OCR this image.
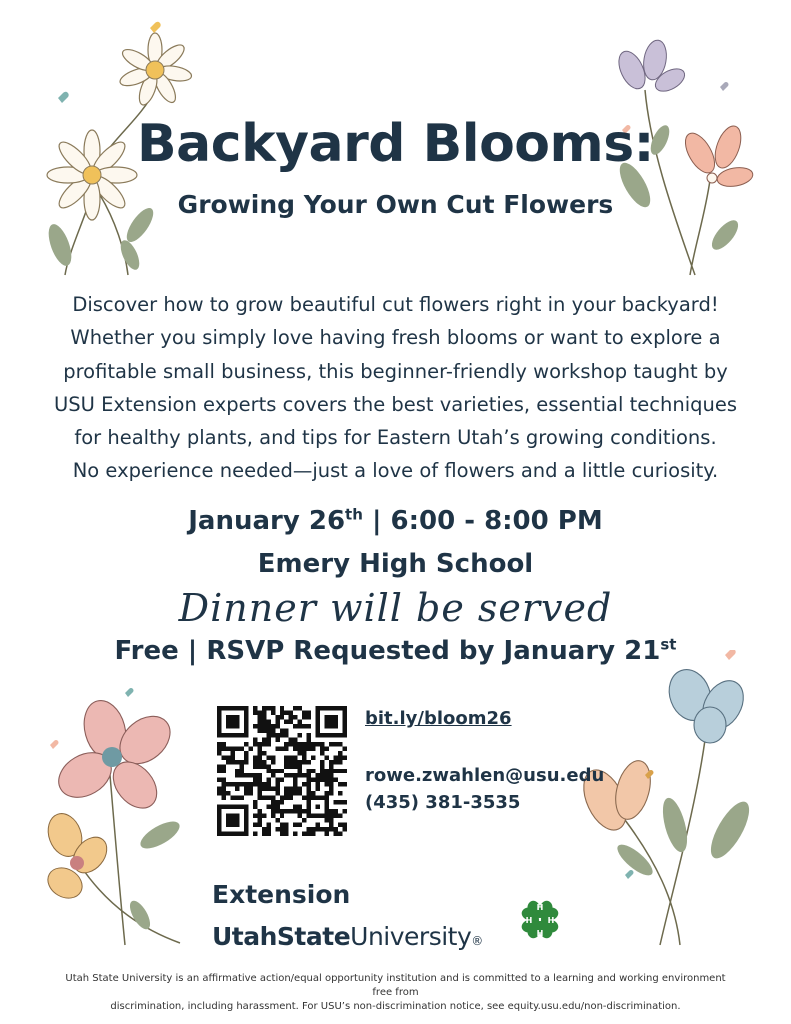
Backyard Blooms:
Growing Your Own Cut Flowers
Discover how to grow beautiful cut flowers right in your backyard!
Whether you simply love having fresh blooms or want to explore a
profitable small business, this beginner-friendly workshop taught by
USU Extension experts covers the best varieties, essential techniques
for healthy plants, and tips for Eastern Utah’s growing conditions.
No experience needed—just a love of flowers and a little curiosity.
January 26th | 6:00 - 8:00 PM
Emery High School
Dinner will be served
Free | RSVP Requested by January 21st
bit.ly/bloom26
rowe.zwahlen@usu.edu
(435) 381-3535
Extension
UtahStateUniversity®
H
H
H
H
Utah State University is an affirmative action/equal opportunity institution and is committed to a learning and working environment free from
discrimination, including harassment. For USU’s non-discrimination notice, see equity.usu.edu/non-discrimination.
